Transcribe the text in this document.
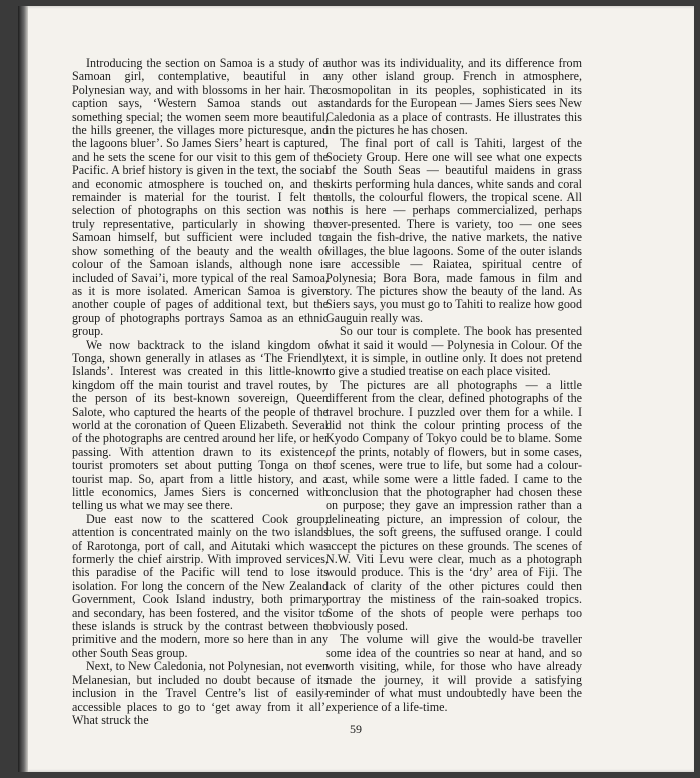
Introducing the section on Samoa is a study of a Samoan girl, contemplative, beautiful in a Polynesian way, and with blossoms in her hair. The caption says, ‘Western Samoa stands out as something special; the women seem more beautiful, the hills greener, the villages more picturesque, and the lagoons bluer’. So James Siers’ heart is captured, and he sets the scene for our visit to this gem of the Pacific. A brief history is given in the text, the social and economic atmosphere is touched on, and the remainder is material for the tourist. I felt the selection of photographs on this section was not truly representative, particularly in showing the Samoan himself, but sufficient were included to show something of the beauty and the wealth of colour of the Samoan islands, although none is included of Savai’i, more typical of the real Samoa, as it is more isolated. American Samoa is given another couple of pages of additional text, but the group of photographs portrays Samoa as an ethnic group.

We now backtrack to the island kingdom of Tonga, shown generally in atlases as ‘The Friendly Islands’. Interest was created in this little-known kingdom off the main tourist and travel routes, by the person of its best-known sovereign, Queen Salote, who captured the hearts of the people of the world at the coronation of Queen Elizabeth. Several of the photographs are centred around her life, or her passing. With attention drawn to its existence, tourist promoters set about putting Tonga on the tourist map. So, apart from a little history, and a little economics, James Siers is concerned with telling us what we may see there.

Due east now to the scattered Cook group; attention is concentrated mainly on the two islands of Rarotonga, port of call, and Aitutaki which was formerly the chief airstrip. With improved services, this paradise of the Pacific will tend to lose its isolation. For long the concern of the New Zealand Government, Cook Island industry, both primary and secondary, has been fostered, and the visitor to these islands is struck by the contrast between the primitive and the modern, more so here than in any other South Seas group.

Next, to New Caledonia, not Polynesian, not even Melanesian, but included no doubt because of its inclusion in the Travel Centre’s list of easily-accessible places to go to ‘get away from it all’. What struck the

author was its individuality, and its difference from any other island group. French in atmosphere, cosmopolitan in its peoples, sophisticated in its standards for the European — James Siers sees New Caledonia as a place of contrasts. He illustrates this in the pictures he has chosen.

The final port of call is Tahiti, largest of the Society Group. Here one will see what one expects of the South Seas — beautiful maidens in grass skirts performing hula dances, white sands and coral atolls, the colourful flowers, the tropical scene. All this is here — perhaps commercialized, perhaps over-presented. There is variety, too — one sees again the fish-drive, the native markets, the native villages, the blue lagoons. Some of the outer islands are accessible — Raiatea, spiritual centre of Polynesia; Bora Bora, made famous in film and story. The pictures show the beauty of the land. As Siers says, you must go to Tahiti to realize how good Gauguin really was.

So our tour is complete. The book has presented what it said it would — Polynesia in Colour. Of the text, it is simple, in outline only. It does not pretend to give a studied treatise on each place visited.

The pictures are all photographs — a little different from the clear, defined photographs of the travel brochure. I puzzled over them for a while. I did not think the colour printing process of the Kyodo Company of Tokyo could be to blame. Some of the prints, notably of flowers, but in some cases, of scenes, were true to life, but some had a colour-cast, while some were a little faded. I came to the conclusion that the photographer had chosen these on purpose; they gave an impression rather than a delineating picture, an impression of colour, the blues, the soft greens, the suffused orange. I could accept the pictures on these grounds. The scenes of N.W. Viti Levu were clear, much as a photograph would produce. This is the ‘dry’ area of Fiji. The lack of clarity of the other pictures could then portray the mistiness of the rain-soaked tropics. Some of the shots of people were perhaps too obviously posed.

The volume will give the would-be traveller some idea of the countries so near at hand, and so worth visiting, while, for those who have already made the journey, it will provide a satisfying reminder of what must undoubtedly have been the experience of a life-time.

59
